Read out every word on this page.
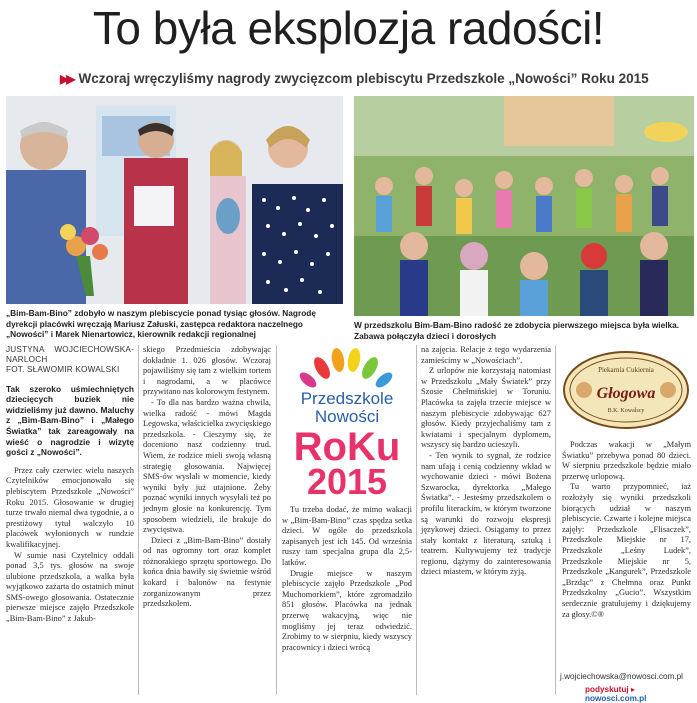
To była eksplozja radości!
▶▶ Wczoraj wręczyliśmy nagrody zwycięzcom plebiscytu Przedszkole „Nowości” Roku 2015
„Bim-Bam-Bino” zdobyło w naszym plebiscycie ponad tysiąc głosów. Nagrodę dyrekcji placówki wręczają Mariusz Załuski, zastępca redaktora naczelnego „Nowości” i Marek Nienartowicz, kierownik redakcji regionalnej
W przedszkolu Bim-Bam-Bino radość ze zdobycia pierwszego miejsca była wielka. Zabawa połączyła dzieci i dorosłych
JUSTYNA WOJCIECHOWSKA-NARLOCH
FOT. SŁAWOMIR KOWALSKI
Tak szeroko uśmiechniętych dziecięcych buziek nie widzieliśmy już dawno. Maluchy z „Bim-Bam-Bino” i „Małego Światka” tak zareagowały na wieść o nagrodzie i wizytę gości z „Nowości”.

Przez cały czerwiec wielu naszych Czytelników emocjonowało się plebiscytem Przedszkole „Nowości” Roku 2015. Głosowanie w drugiej turze trwało niemal dwa tygodnie, a o prestiżowy tytuł walczyło 10 placówek wyłonionych w rundzie kwalifikacyjnej.

W sumie nasi Czytelnicy oddali ponad 3,5 tys. głosów na swoje ulubione przedszkola, a walka była wyjątkowo zażarta do ostatnich minut SMS-owego głosowania. Ostatecznie pierwsze miejsce zajęło Przedszkole „Bim-Bam-Bino” z Jakub-

skiego Przedmieścia zdobywając dokładnie 1. 026 głosów. Wczoraj pojawiliśmy się tam z wielkim tortem i nagrodami, a w placówce przywitano nas kolorowym festynem.

- To dla nas bardzo ważna chwila, wielka radość - mówi Magda Legowska, właścicielka zwycięskiego przedszkola. - Cieszymy się, że doceniono nasz codzienny trud. Wiem, że rodzice mieli swoją własną strategię głosowania. Najwięcej SMS-ów wysłali w momencie, kiedy wyniki były już utajnione. Żeby poznać wyniki innych wysyłali też po jednym głosie na konkurencję. Tym sposobem wiedzieli, ile brakuje do zwycięstwa.

Dzieci z „Bim-Bam-Bino” dostały od nas ogromny tort oraz komplet różnorakiego sprzętu sportowego. Do końca dnia bawiły się świetnie wśród kokard i balonów na festynie zorganizowanym przez przedszkolem.

Przedszkole
Nowości
RoKu
2015

Tu trzeba dodać, że mimo wakacji w „Bim-Bam-Bino” czas spędza setka dzieci. W ogóle do przedszkola zapisanych jest ich 145. Od września ruszy tam specjalna grupa dla 2,5-latków.

Drugie miejsce w naszym plebiscycie zajęło Przedszkole „Pod Muchomorkiem”, które zgromadziło 851 głosów. Placówka na jednak przerwę wakacyjną, więc nie mogliśmy jej teraz odwiedzić. Zrobimy to w sierpniu, kiedy wszyscy pracownicy i dzieci wrócą

na zajęcia. Relacje z tego wydarzenia zamieścimy w „Nowościach”.

Z urlopów nie korzystają natomiast w Przedszkolu „Mały Światek” przy Szosie Chełmińskiej w Toruniu. Placówka ta zajęła trzecie miejsce w naszym plebiscycie zdobywając 627 głosów. Kiedy przyjechaliśmy tam z kwiatami i specjalnym dyplomem, wszyscy się bardzo ucieszyli.

- Ten wynik to sygnał, że rodzice nam ufają i cenią codzienny wkład w wychowanie dzieci - mówi Bożena Szwarocka, dyrektorka „Małego Światka”. - Jesteśmy przedszkolem o profilu literackim, w którym tworzone są warunki do rozwoju ekspresji językowej dzieci. Osiągamy to przez stały kontakt z literaturą, sztuką i teatrem. Kultywujemy też tradycje regionu, dążymy do zainteresowania dzieci miastem, w którym żyją.

Piekarnia Cukiernia
Głogowa
B.K. Kowalscy

Podczas wakacji w „Małym Światku” przebywa ponad 80 dzieci. W sierpniu przedszkole będzie miało przerwę urlopową.

Tu warto przypomnieć, iaż rozłożyły się wyniki przedszkoli biorących udział w naszym plebiscycie. Czwarte i kolejne miejsca zajęły: Przedszkole „Flisaczek”, Przedszkole Miejskie nr 17, Przedszkole „Leśny Ludek”, Przedszkole Miejskie nr 5, Przedszkole „Kangurek”, Przedszkole „Brzdąc” z Chełmna oraz Punkt Przedszkolny „Gucio”. Wszystkim serdecznie gratulujemy i dziękujemy za głosy.©®

j.wojciechowska@nowosci.com.pl
podyskutuj ▸ nowosci.com.pl
